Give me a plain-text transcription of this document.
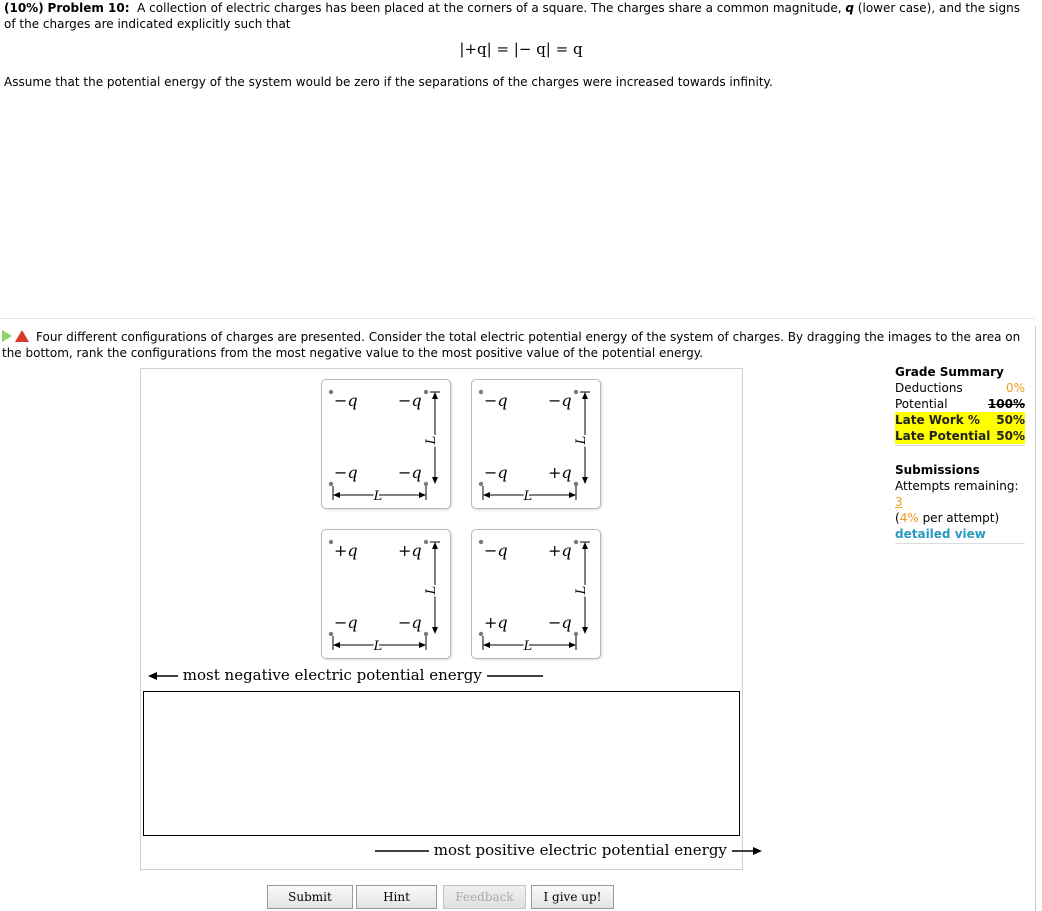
(10%) Problem 10: A collection of electric charges has been placed at the corners of a square. The charges share a common magnitude, q (lower case), and the signs of the charges are indicated explicitly such that
|+q| = |− q| = q
Assume that the potential energy of the system would be zero if the separations of the charges were increased towards infinity.
Four different configurations of charges are presented. Consider the total electric potential energy of the system of charges. By dragging the images to the area on the bottom, rank the configurations from the most negative value to the most positive value of the potential energy.
−q	−q
−q	−q
L
L
−q	−q
−q	+q
L
L
+q	+q
−q	−q
L
L
−q	+q
+q	−q
L
L
most negative electric potential energy
most positive electric potential energy
Grade Summary
Deductions	0%
Potential	100%
Late Work % 50%
Late Potential 50%
Submissions
Attempts remaining: 3
(4% per attempt)
detailed view
Submit	Hint	Feedback	I give up!
